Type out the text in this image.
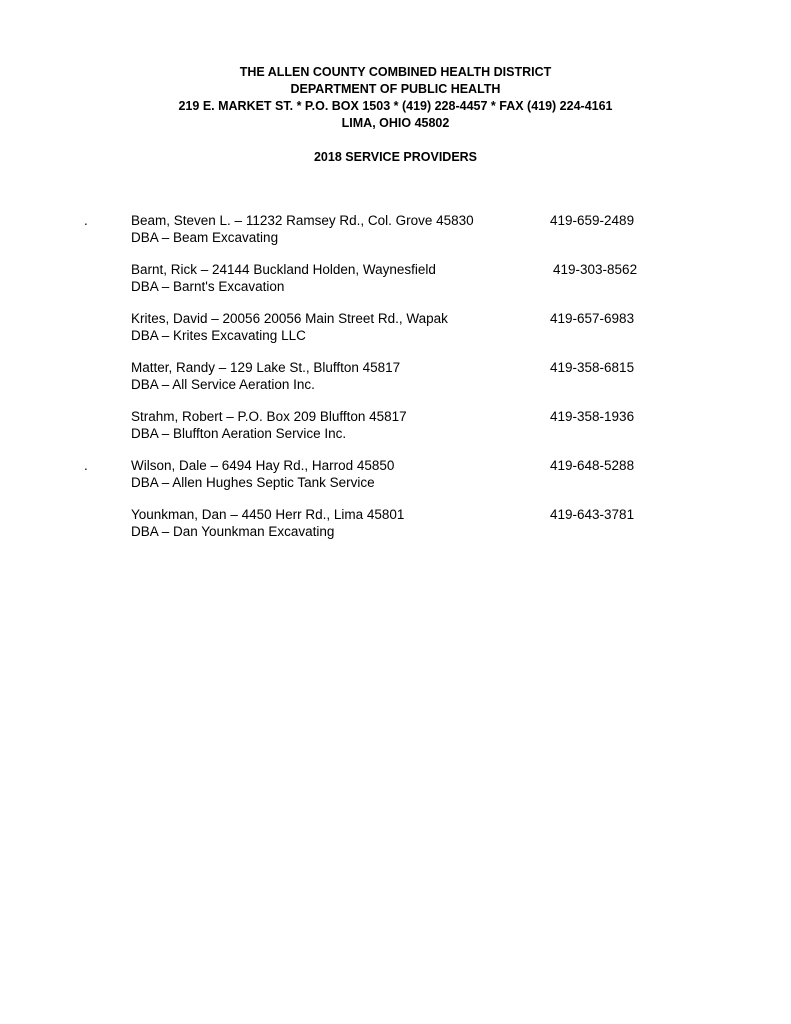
THE ALLEN COUNTY COMBINED HEALTH DISTRICT
DEPARTMENT OF PUBLIC HEALTH
219 E. MARKET ST. * P.O. BOX 1503 * (419) 228-4457 * FAX (419) 224-4161
LIMA, OHIO 45802
2018 SERVICE PROVIDERS
.	Beam, Steven L. – 11232 Ramsey Rd., Col. Grove 45830
DBA – Beam Excavating
419-659-2489
Barnt, Rick – 24144 Buckland Holden, Waynesfield
DBA – Barnt's Excavation
419-303-8562
Krites, David – 20056 20056 Main Street Rd., Wapak
DBA – Krites Excavating LLC
419-657-6983
Matter, Randy – 129 Lake St., Bluffton 45817
DBA – All Service Aeration Inc.
419-358-6815
Strahm, Robert – P.O. Box 209 Bluffton 45817
DBA – Bluffton Aeration Service Inc.
419-358-1936
.	Wilson, Dale – 6494 Hay Rd., Harrod 45850
DBA – Allen Hughes Septic Tank Service
419-648-5288
Younkman, Dan – 4450 Herr Rd., Lima 45801
DBA – Dan Younkman Excavating
419-643-3781
